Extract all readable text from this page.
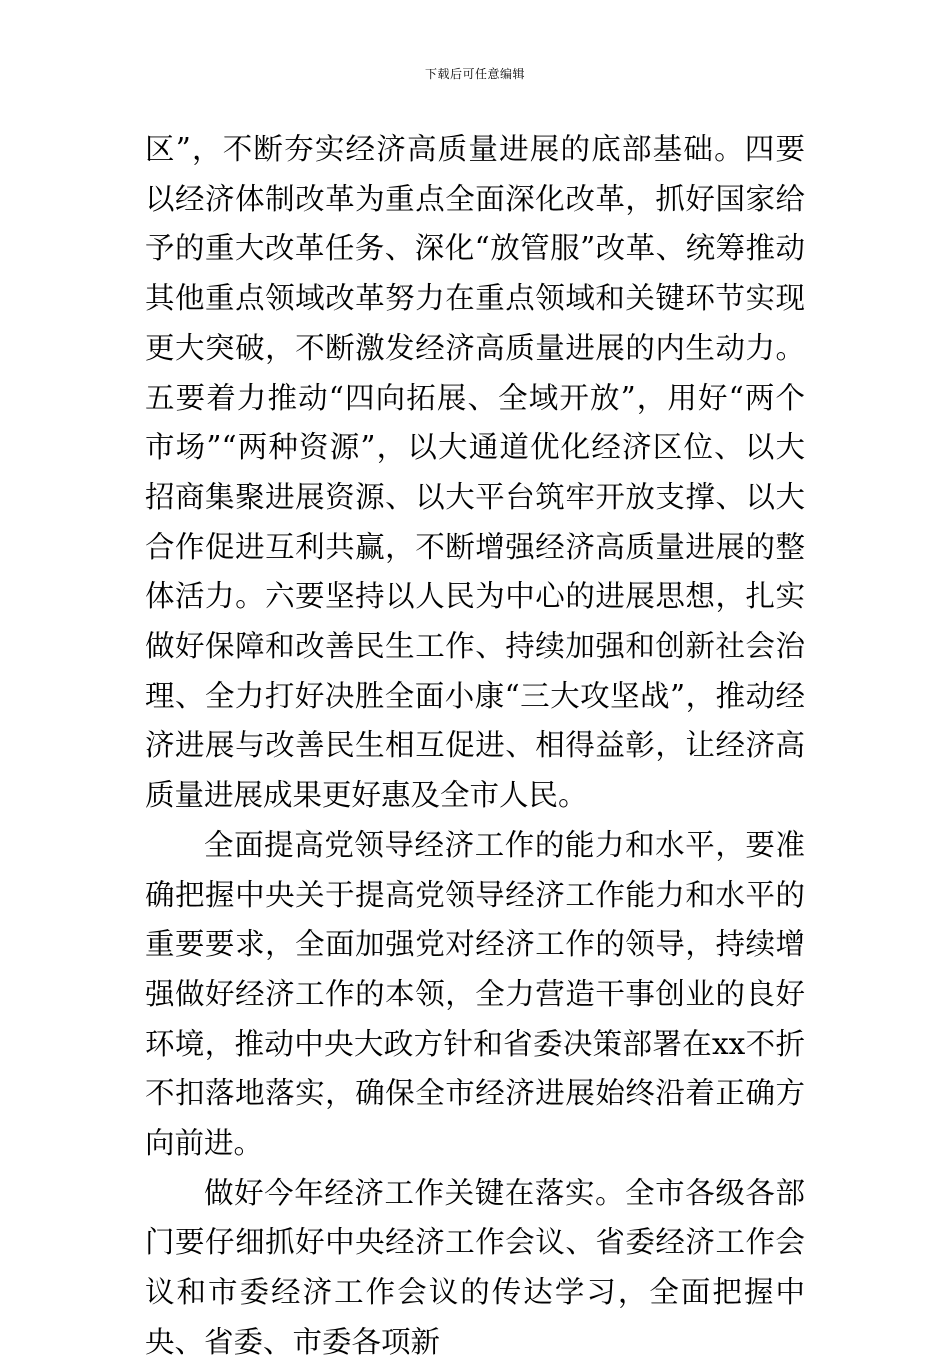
下载后可任意编辑

区”，不断夯实经济高质量进展的底部基础。四要以经济体制改革为重点全面深化改革，抓好国家给予的重大改革任务、深化“放管服”改革、统筹推动其他重点领域改革努力在重点领域和关键环节实现更大突破，不断激发经济高质量进展的内生动力。五要着力推动“四向拓展、全域开放”，用好“两个市场”“两种资源”，以大通道优化经济区位、以大招商集聚进展资源、以大平台筑牢开放支撑、以大合作促进互利共赢，不断增强经济高质量进展的整体活力。六要坚持以人民为中心的进展思想，扎实做好保障和改善民生工作、持续加强和创新社会治理、全力打好决胜全面小康“三大攻坚战”，推动经济进展与改善民生相互促进、相得益彰，让经济高质量进展成果更好惠及全市人民。

全面提高党领导经济工作的能力和水平，要准确把握中央关于提高党领导经济工作能力和水平的重要要求，全面加强党对经济工作的领导，持续增强做好经济工作的本领，全力营造干事创业的良好环境，推动中央大政方针和省委决策部署在xx不折不扣落地落实，确保全市经济进展始终沿着正确方向前进。

做好今年经济工作关键在落实。全市各级各部门要仔细抓好中央经济工作会议、省委经济工作会议和市委经济工作会议的传达学习，全面把握中央、省委、市委各项新
